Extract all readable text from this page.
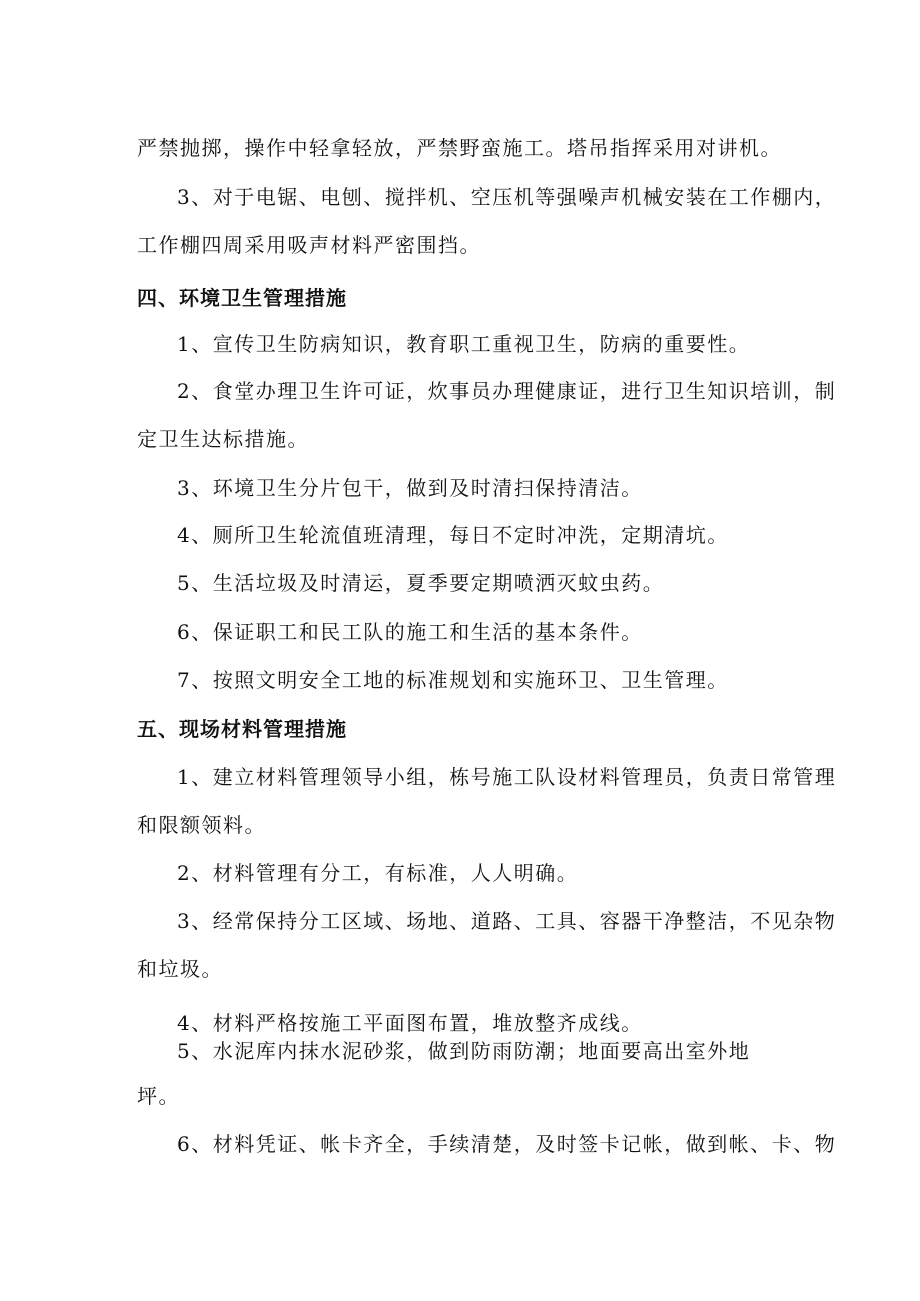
严禁抛掷，操作中轻拿轻放，严禁野蛮施工。塔吊指挥采用对讲机。

3、对于电锯、电刨、搅拌机、空压机等强噪声机械安装在工作棚内，

工作棚四周采用吸声材料严密围挡。

四、环境卫生管理措施

1、宣传卫生防病知识，教育职工重视卫生，防病的重要性。

2、食堂办理卫生许可证，炊事员办理健康证，进行卫生知识培训，制

定卫生达标措施。

3、环境卫生分片包干，做到及时清扫保持清洁。

4、厕所卫生轮流值班清理，每日不定时冲洗，定期清坑。

5、生活垃圾及时清运，夏季要定期喷洒灭蚊虫药。

6、保证职工和民工队的施工和生活的基本条件。

7、按照文明安全工地的标准规划和实施环卫、卫生管理。

五、现场材料管理措施

1、建立材料管理领导小组，栋号施工队设材料管理员，负责日常管理

和限额领料。

2、材料管理有分工，有标准，人人明确。

3、经常保持分工区域、场地、道路、工具、容器干净整洁，不见杂物

和垃圾。

4、材料严格按施工平面图布置，堆放整齐成线。

5、水泥库内抹水泥砂浆，做到防雨防潮；地面要高出室外地

坪。

6、材料凭证、帐卡齐全，手续清楚，及时签卡记帐，做到帐、卡、物
